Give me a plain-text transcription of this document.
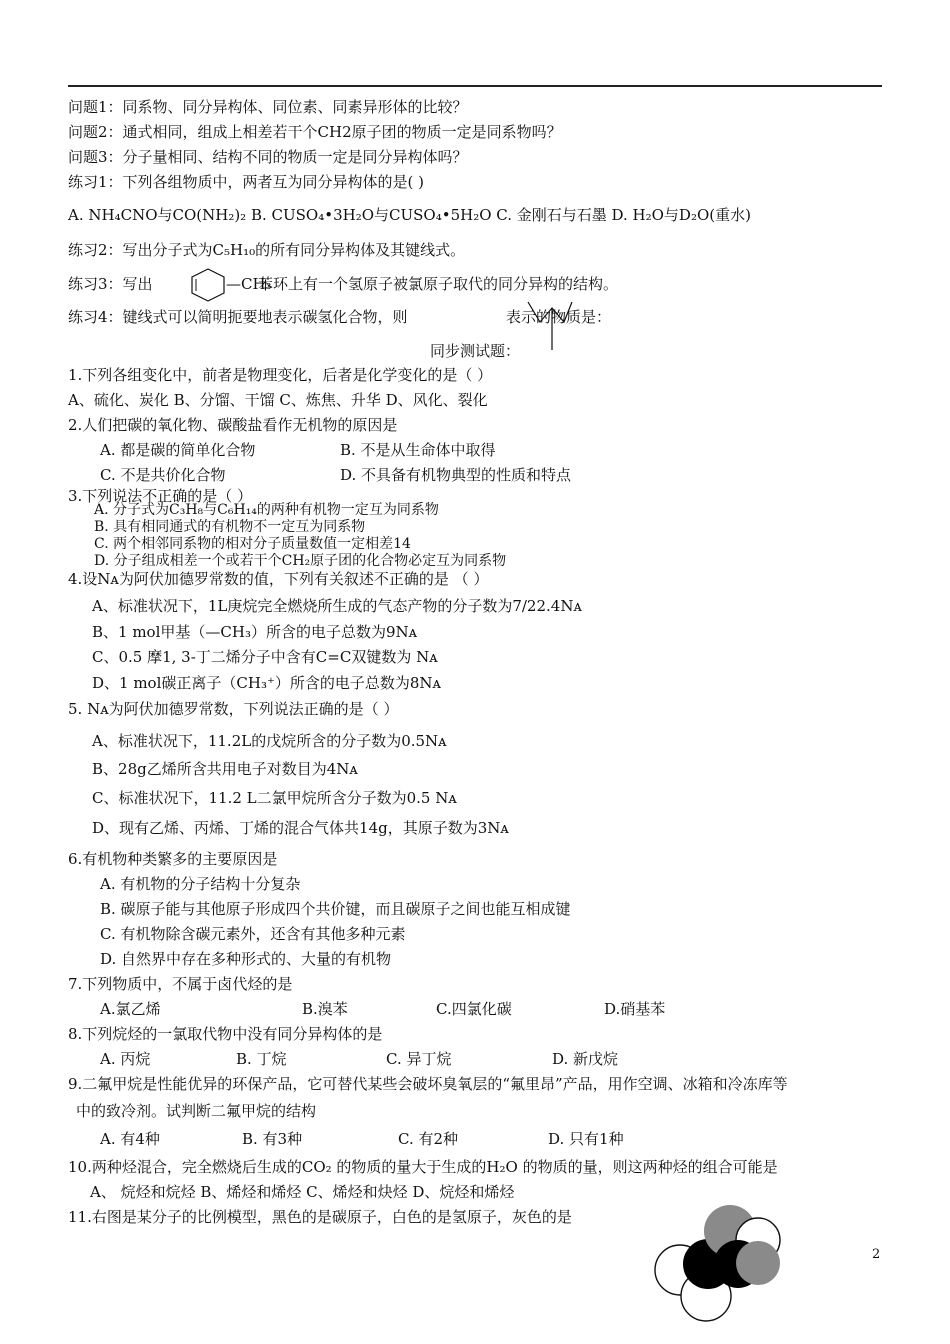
问题1：同系物、同分异构体、同位素、同素异形体的比较？
问题2：通式相同，组成上相差若干个CH2原子团的物质一定是同系物吗？
问题3：分子量相同、结构不同的物质一定是同分异构体吗？
练习1：下列各组物质中，两者互为同分异构体的是( )
A. NH₄CNO与CO(NH₂)₂ B. CUSO₄•3H₂O与CUSO₄•5H₂O C. 金刚石与石墨 D. H₂O与D₂O(重水)
练习2：写出分子式为C₅H₁₀的所有同分异构体及其键线式。
练习3：写出	—CH₃
苯环上有一个氢原子被氯原子取代的同分异构的结构。
练习4：键线式可以简明扼要地表示碳氢化合物，则	表示的物质是：
同步测试题：
1.下列各组变化中，前者是物理变化，后者是化学变化的是（ ）
A、硫化、炭化 B、分馏、干馏 C、炼焦、升华 D、风化、裂化
2.人们把碳的氧化物、碳酸盐看作无机物的原因是
A. 都是碳的简单化合物	B. 不是从生命体中取得
C. 不是共价化合物	D. 不具备有机物典型的性质和特点
3.下列说法不正确的是（ ）
A. 分子式为C₃H₈与C₆H₁₄的两种有机物一定互为同系物
B. 具有相同通式的有机物不一定互为同系物
C. 两个相邻同系物的相对分子质量数值一定相差14
D. 分子组成相差一个或若干个CH₂原子团的化合物必定互为同系物
4.设Nᴀ为阿伏加德罗常数的值，下列有关叙述不正确的是 （ ）
A、标准状况下，1L庚烷完全燃烧所生成的气态产物的分子数为7/22.4Nᴀ
B、1 mol甲基（—CH₃）所含的电子总数为9Nᴀ
C、0.5 摩1, 3-丁二烯分子中含有C=C双键数为 Nᴀ
D、1 mol碳正离子（CH₃⁺）所含的电子总数为8Nᴀ
5. Nᴀ为阿伏加德罗常数，下列说法正确的是（ ）
A、标准状况下，11.2L的戊烷所含的分子数为0.5Nᴀ
B、28g乙烯所含共用电子对数目为4Nᴀ
C、标准状况下，11.2 L二氯甲烷所含分子数为0.5 Nᴀ
D、现有乙烯、丙烯、丁烯的混合气体共14g，其原子数为3Nᴀ
6.有机物种类繁多的主要原因是
A. 有机物的分子结构十分复杂
B. 碳原子能与其他原子形成四个共价键，而且碳原子之间也能互相成键
C. 有机物除含碳元素外，还含有其他多种元素
D. 自然界中存在多种形式的、大量的有机物
7.下列物质中，不属于卤代烃的是
A.氯乙烯	B.溴苯	C.四氯化碳	D.硝基苯
8.下列烷烃的一氯取代物中没有同分异构体的是
A. 丙烷	B. 丁烷	C. 异丁烷	D. 新戊烷
9.二氟甲烷是性能优异的环保产品，它可替代某些会破坏臭氧层的“氟里昂”产品，用作空调、冰箱和冷冻库等
中的致冷剂。试判断二氟甲烷的结构
A. 有4种	B. 有3种	C. 有2种	D. 只有1种
10.两种烃混合，完全燃烧后生成的CO₂ 的物质的量大于生成的H₂O 的物质的量，则这两种烃的组合可能是
A、 烷烃和烷烃 B、烯烃和烯烃 C、烯烃和炔烃 D、烷烃和烯烃
11.右图是某分子的比例模型，黑色的是碳原子，白色的是氢原子，灰色的是
2
